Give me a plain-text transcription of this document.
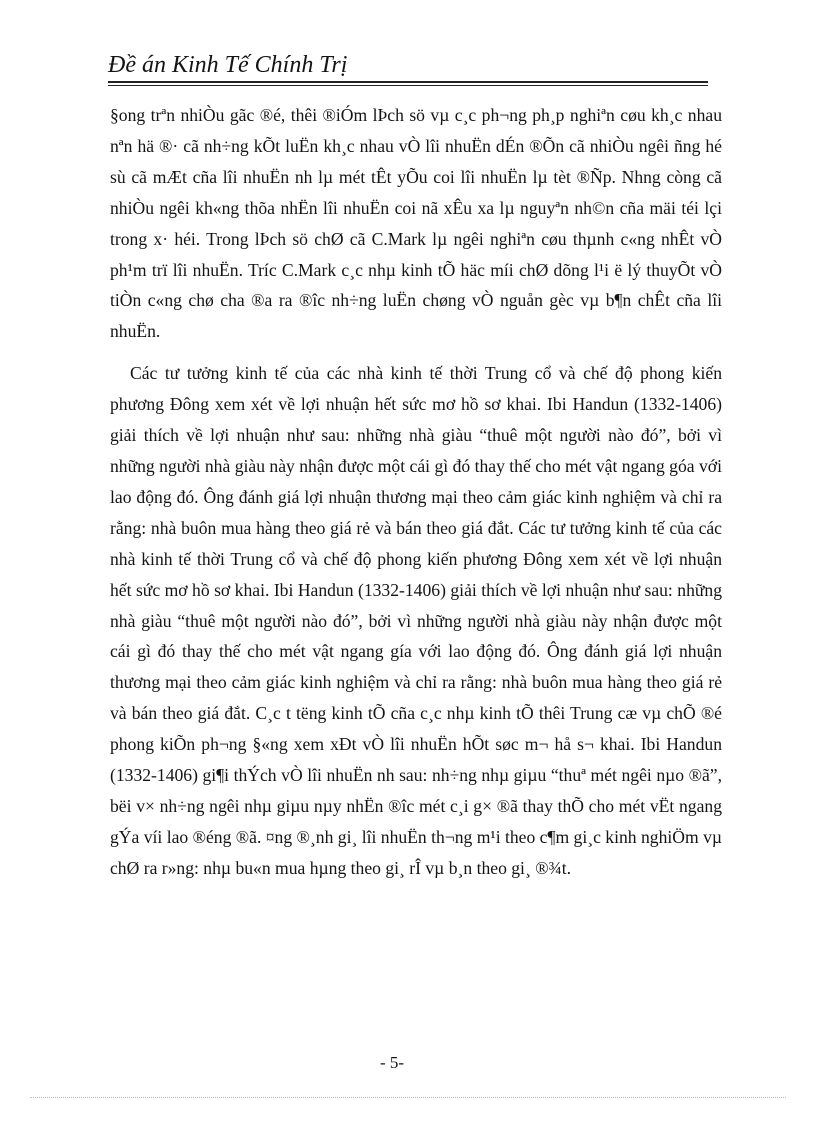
Đề án Kinh Tế Chính Trị

§ong trªn nhiÒu gãc ®é, thêi ®iÓm lÞch sö vµ c¸c ph¬ng ph¸p nghiªn cøu kh¸c nhau nªn hä ®· cã nh÷ng kÕt luËn kh¸c nhau vÒ lîi nhuËn dÉn ®Õn cã nhiÒu ngêi ñng hé sù cã mÆt cña lîi nhuËn nh lµ mét tÊt yÕu coi lîi nhuËn lµ tèt ®Ñp. Nhng còng cã nhiÒu ngêi kh«ng thõa nhËn lîi nhuËn coi nã xÊu xa lµ nguyªn nh©n cña mäi téi lçi trong x· héi. Trong lÞch sö chØ cã C.Mark lµ ngêi nghiªn cøu thµnh c«ng nhÊt vÒ ph¹m trï lîi nhuËn. Tríc C.Mark c¸c nhµ kinh tÕ häc míi chØ dõng l¹i ë lý thuyÕt vÒ tiÒn c«ng chø cha ®a ra ®îc nh÷ng luËn chøng vÒ nguån gèc vµ b¶n chÊt cña lîi nhuËn.

Các tư tưởng kinh tế của các nhà kinh tế thời Trung cổ và chế độ phong kiến phương Đông xem xét về lợi nhuận hết sức mơ hồ sơ khai. Ibi Handun (1332-1406) giải thích về lợi nhuận như sau: những nhà giàu “thuê một người nào đó”, bởi vì những người nhà giàu này nhận được một cái gì đó thay thế cho mét vật ngang góa với lao động đó. Ông đánh giá lợi nhuận thương mại theo cảm giác kinh nghiệm và chỉ ra rằng: nhà buôn mua hàng theo giá rẻ và bán theo giá đắt. Các tư tưởng kinh tế của các nhà kinh tế thời Trung cổ và chế độ phong kiến phương Đông xem xét về lợi nhuận hết sức mơ hồ sơ khai. Ibi Handun (1332-1406) giải thích về lợi nhuận như sau: những nhà giàu “thuê một người nào đó”, bởi vì những người nhà giàu này nhận được một cái gì đó thay thế cho mét vật ngang gía với lao động đó. Ông đánh giá lợi nhuận thương mại theo cảm giác kinh nghiệm và chỉ ra rằng: nhà buôn mua hàng theo giá rẻ và bán theo giá đắt. C¸c t tëng kinh tÕ cña c¸c nhµ kinh tÕ thêi Trung cæ vµ chÕ ®é phong kiÕn ph¬ng §«ng xem xÐt vÒ lîi nhuËn hÕt søc m¬ hå s¬ khai. Ibi Handun (1332-1406) gi¶i thÝch vÒ lîi nhuËn nh sau: nh÷ng nhµ giµu “thuª mét ngêi nµo ®ã”, bëi v× nh÷ng ngêi nhµ giµu nµy nhËn ®îc mét c¸i g× ®ã thay thÕ cho mét vËt ngang gÝa víi lao ®éng ®ã. ¤ng ®¸nh gi¸ lîi nhuËn th¬ng m¹i theo c¶m gi¸c kinh nghiÖm vµ chØ ra r»ng: nhµ bu«n mua hµng theo gi¸ rÎ vµ b¸n theo gi¸ ®¾t.

- 5-
